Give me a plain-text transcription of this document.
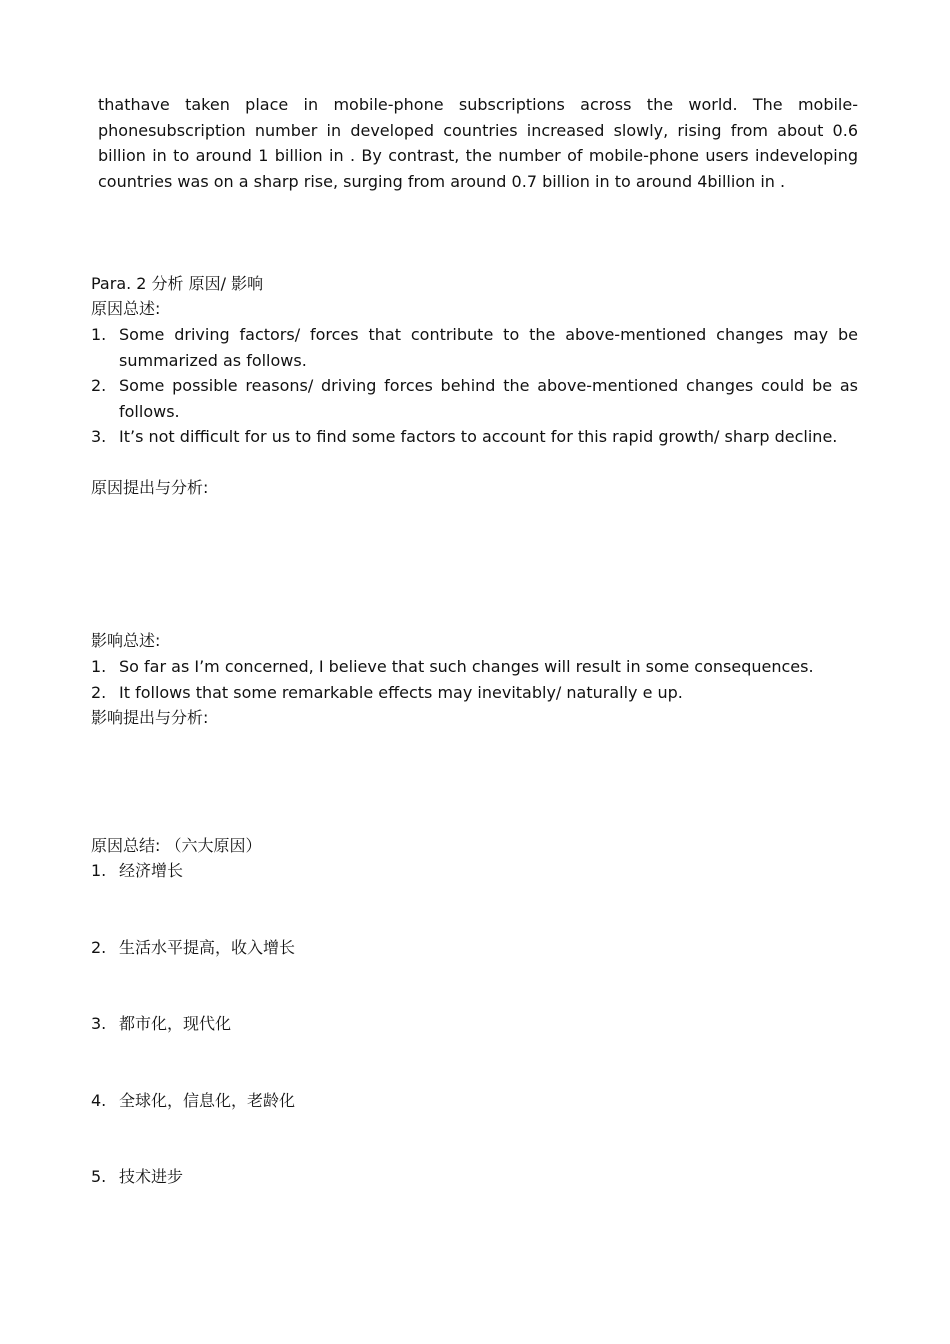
thathave taken place in mobile-phone subscriptions across the world. The mobile-phonesubscription number in developed countries increased slowly, rising from about 0.6 billion in to around 1 billion in . By contrast, the number of mobile-phone users indeveloping countries was on a sharp rise, surging from around 0.7 billion in to around 4billion in .

Para. 2 分析 原因/ 影响
原因总述:
1. Some driving factors/ forces that contribute to the above-mentioned changes may be summarized as follows.
2. Some possible reasons/ driving forces behind the above-mentioned changes could be as follows.
3. It’s not difficult for us to find some factors to account for this rapid growth/ sharp decline.
原因提出与分析:
影响总述:
1. So far as I’m concerned, I believe that such changes will result in some consequences.
2. It follows that some remarkable effects may inevitably/ naturally e up.
影响提出与分析:
原因总结: （六大原因）
1. 经济增长
2. 生活水平提高，收入增长
3. 都市化，现代化
4. 全球化，信息化，老龄化
5. 技术进步
